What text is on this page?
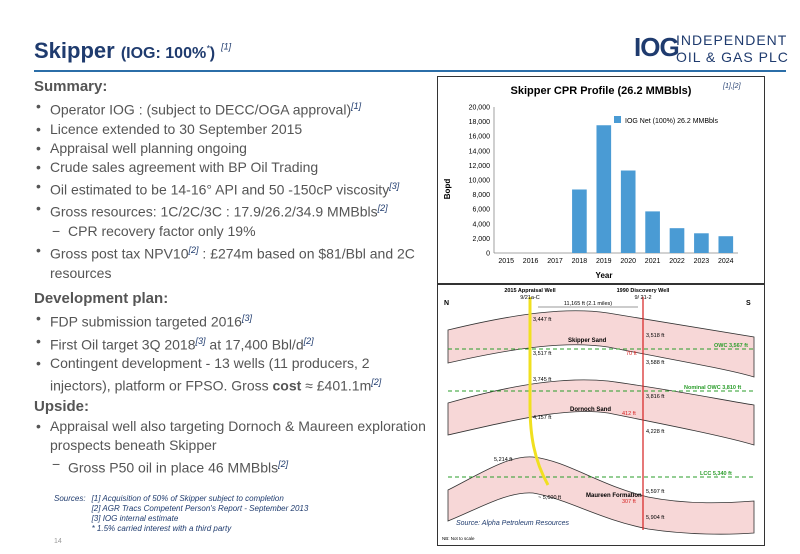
Skipper (IOG: 100%*) [1]	IOG
INDEPENDENT
OIL & GAS PLC
Summary:
• Operator IOG : (subject to DECC/OGA approval)[1]
• Licence extended to 30 September 2015
• Appraisal well planning ongoing
• Crude sales agreement with BP Oil Trading
• Oil estimated to be 14-16° API and 50 -150cP viscosity[3]
• Gross resources: 1C/2C/3C : 17.9/26.2/34.9 MMBbls[2]
− CPR recovery factor only 19%
• Gross post tax NPV10[2] : £274m based on $81/Bbl and 2C resources
Development plan:
• FDP submission targeted 2016[3]
• First Oil target 3Q 2018[3] at 17,400 Bbl/d[2]
• Contingent development - 13 wells (11 producers, 2 injectors), platform or FPSO. Gross cost ≈ £401.1m[2]
Upside:
• Appraisal well also targeting Dornoch & Maureen exploration prospects beneath Skipper
− Gross P50 oil in place 46 MMBbls[2]
Skipper CPR Profile (26.2 MMBbls)	[1],[2]
Bopd
Year
IOG Net (100%) 26.2 MMBbls
0
2,000
4,000
6,000
8,000
10,000
12,000
14,000
16,000
18,000
20,000
2015 2016 2017 2018 2019 2020 2021 2022 2023 2024
N	S
2015 Appraisal Well
9/21a-C
1990 Discovery Well
9/ 21-2
11,165 ft (2.1 miles)
Skipper Sand
Dornoch Sand
Maureen Formation
OWC 3,567 ft
Nominal OWC 3,810 ft
LCC 5,340 ft
3,447 ft
3,518 ft
3,517 ft
3,588 ft
70 ft
3,745 ft
3,816 ft
412 ft
4,157 ft
4,228 ft
5,214 ft
~ 5,600 ft
5,597 ft
307 ft
5,904 ft
Source: Alpha Petroleum Resources
NB: Not to scale
Sources:	[1] Acquisition of 50% of Skipper subject to completion
	[2] AGR Tracs Competent Person's Report - September 2013
	[3] IOG internal estimate
	* 1.5% carried interest with a third party
14
